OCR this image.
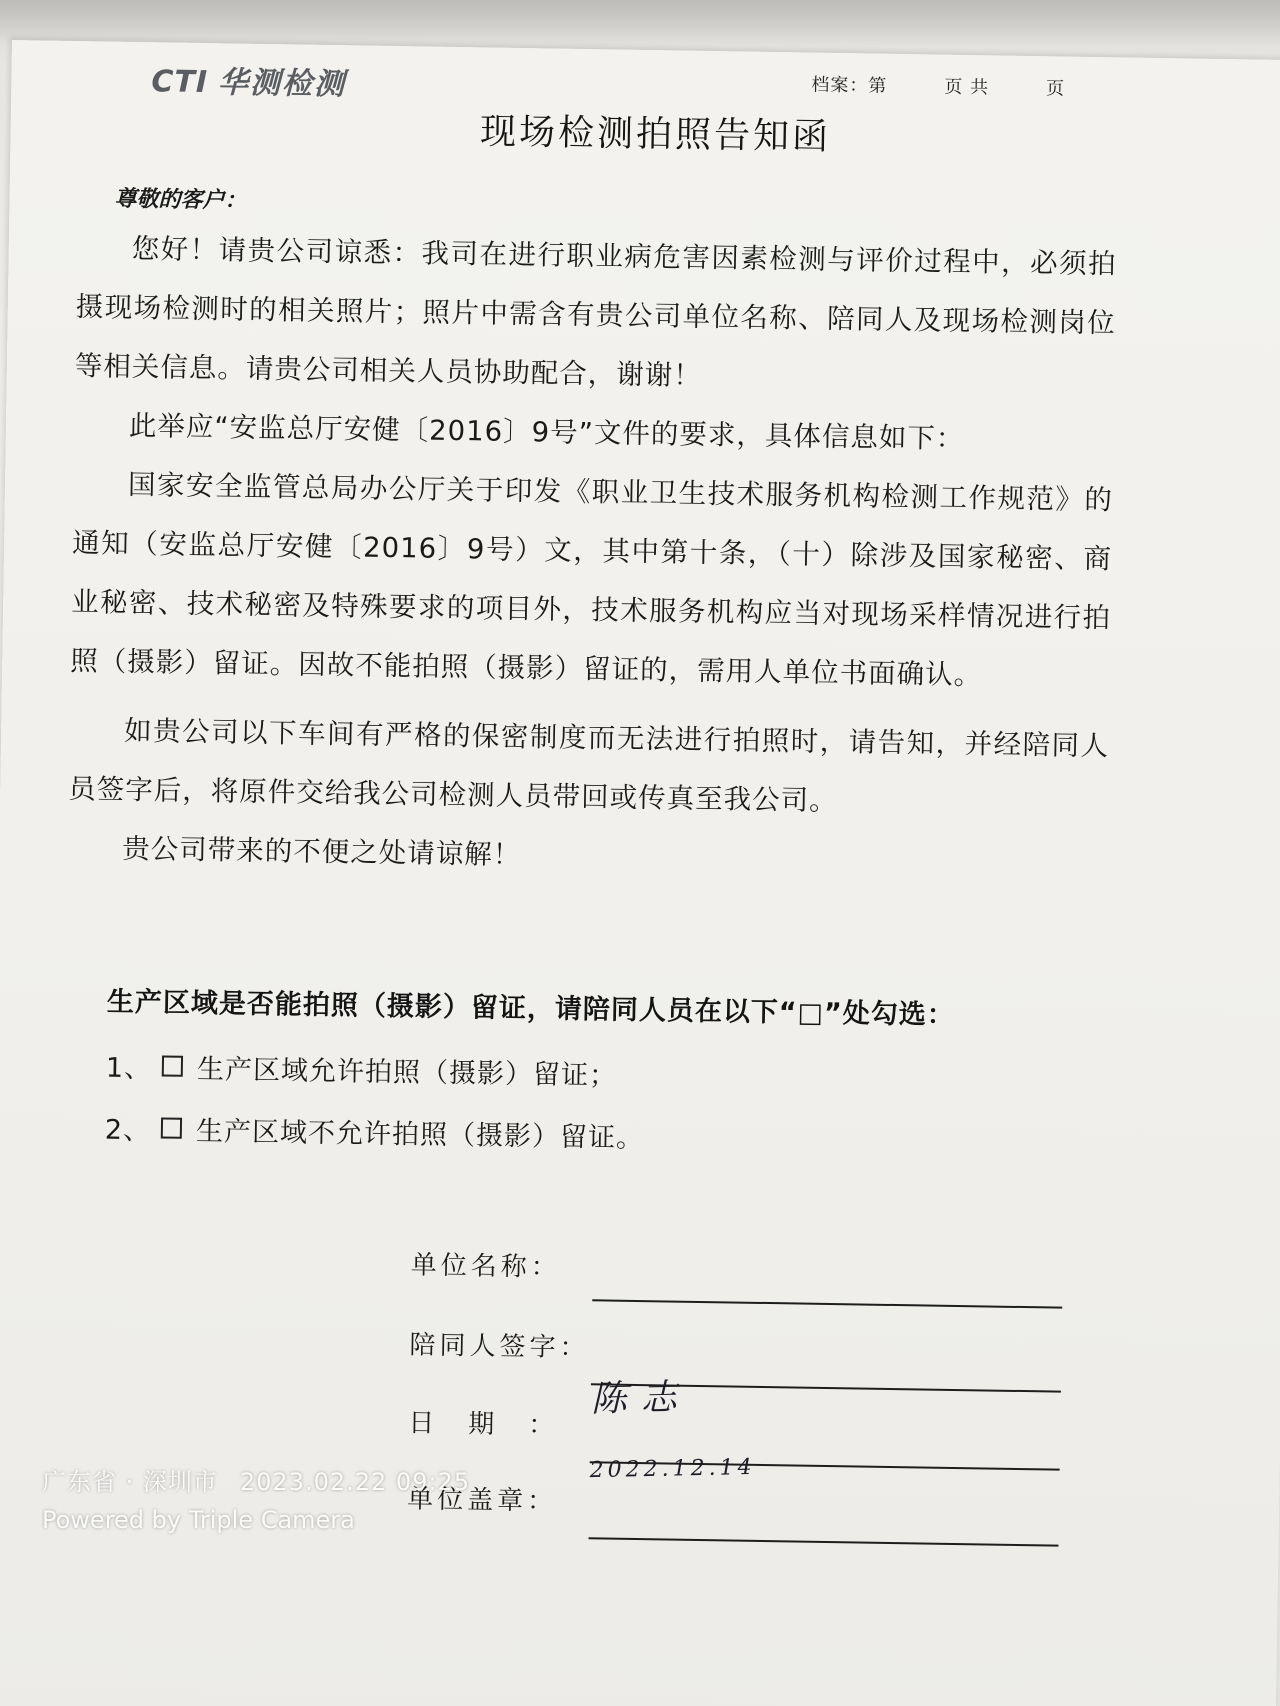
CTI 华测检测	档案：第　　　页 共　　　页
现场检测拍照告知函
尊敬的客户：

您好！请贵公司谅悉：我司在进行职业病危害因素检测与评价过程中，必须拍摄现场检测时的相关照片；照片中需含有贵公司单位名称、陪同人及现场检测岗位等相关信息。请贵公司相关人员协助配合，谢谢！

此举应“安监总厅安健〔2016〕9号”文件的要求，具体信息如下：

国家安全监管总局办公厅关于印发《职业卫生技术服务机构检测工作规范》的通知（安监总厅安健〔2016〕9号）文，其中第十条，（十）除涉及国家秘密、商业秘密、技术秘密及特殊要求的项目外，技术服务机构应当对现场采样情况进行拍照（摄影）留证。因故不能拍照（摄影）留证的，需用人单位书面确认。

如贵公司以下车间有严格的保密制度而无法进行拍照时，请告知，并经陪同人员签字后，将原件交给我公司检测人员带回或传真至我公司。

贵公司带来的不便之处请谅解！

生产区域是否能拍照（摄影）留证，请陪同人员在以下“□”处勾选：
1、 生产区域允许拍照（摄影）留证；
2、 生产区域不允许拍照（摄影）留证。
单位名称：
陪同人签字：
陈志
日　期　：
2022.12.14
单位盖章：
广东省 · 深圳市 2023.02.22 09:25
Powered by Triple Camera
